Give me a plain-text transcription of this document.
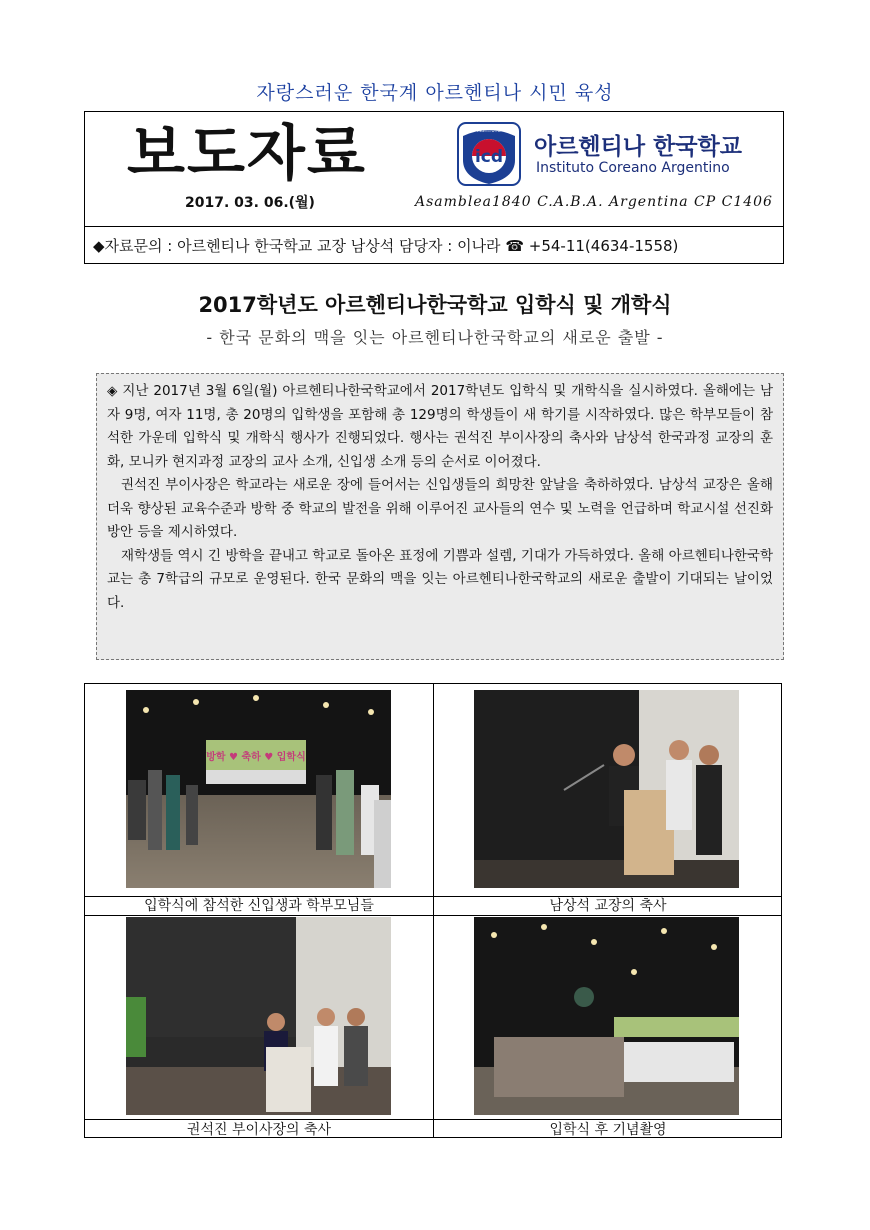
자랑스러운 한국계 아르헨티나 시민 육성
보도자료
2017. 03. 06.(월)
icd
INSTITUTO
아르헨티나 한국학교
Instituto Coreano Argentino
Asamblea1840 C.A.B.A. Argentina CP C1406
◆자료문의 : 아르헨티나 한국학교 교장 남상석 담당자 : 이나라 ☎ +54-11(4634-1558)
2017학년도 아르헨티나한국학교 입학식 및 개학식
- 한국 문화의 맥을 잇는 아르헨티나한국학교의 새로운 출발 -

◈ 지난 2017년 3월 6일(월) 아르헨티나한국학교에서 2017학년도 입학식 및 개학식을 실시하였다. 올해에는 남자 9명, 여자 11명, 총 20명의 입학생을 포함해 총 129명의 학생들이 새 학기를 시작하였다. 많은 학부모들이 참석한 가운데 입학식 및 개학식 행사가 진행되었다. 행사는 권석진 부이사장의 축사와 남상석 한국과정 교장의 훈화, 모니카 현지과정 교장의 교사 소개, 신입생 소개 등의 순서로 이어졌다.

권석진 부이사장은 학교라는 새로운 장에 들어서는 신입생들의 희망찬 앞날을 축하하였다. 남상석 교장은 올해 더욱 향상된 교육수준과 방학 중 학교의 발전을 위해 이루어진 교사들의 연수 및 노력을 언급하며 학교시설 선진화 방안 등을 제시하였다.

재학생들 역시 긴 방학을 끝내고 학교로 돌아온 표정에 기쁨과 설렘, 기대가 가득하였다. 올해 아르헨티나한국학교는 총 7학급의 규모로 운영된다. 한국 문화의 맥을 잇는 아르헨티나한국학교의 새로운 출발이 기대되는 날이었다.

방학 ♥ 축하 ♥ 입학식
입학식에 참석한 신입생과 학부모님들	남상석 교장의 축사
권석진 부이사장의 축사	입학식 후 기념촬영
